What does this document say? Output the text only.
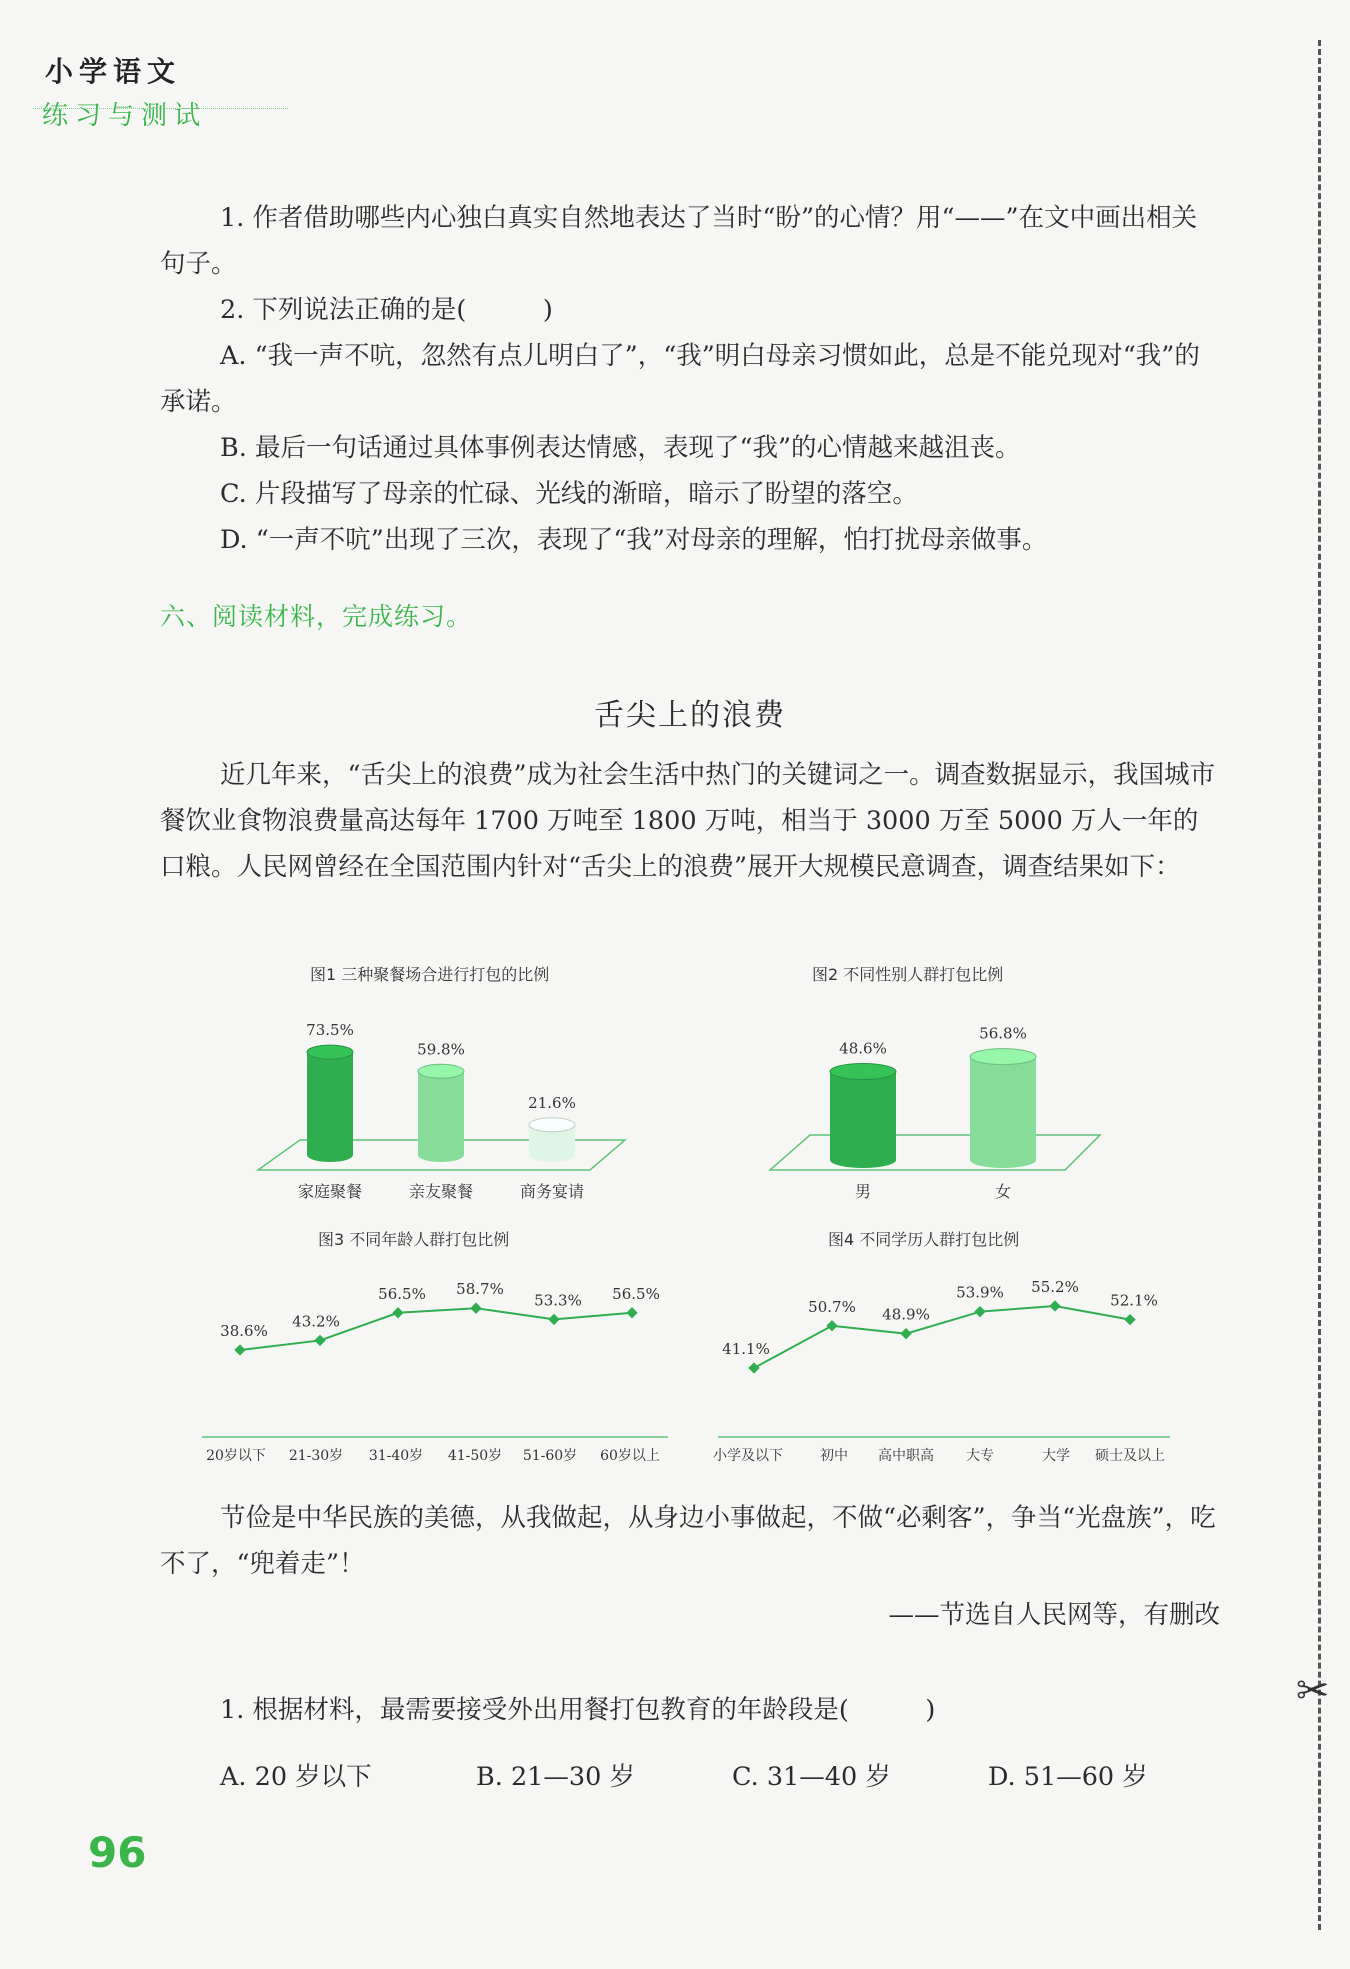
小学语文
练习与测试
✂
1. 作者借助哪些内心独白真实自然地表达了当时“盼”的心情？用“——”在文中画出相关句子。
2. 下列说法正确的是(　　　)
A. “我一声不吭，忽然有点儿明白了”，“我”明白母亲习惯如此，总是不能兑现对“我”的承诺。
B. 最后一句话通过具体事例表达情感，表现了“我”的心情越来越沮丧。
C. 片段描写了母亲的忙碌、光线的渐暗，暗示了盼望的落空。
D. “一声不吭”出现了三次，表现了“我”对母亲的理解，怕打扰母亲做事。
六、阅读材料，完成练习。
舌尖上的浪费
近几年来，“舌尖上的浪费”成为社会生活中热门的关键词之一。调查数据显示，我国城市餐饮业食物浪费量高达每年 1700 万吨至 1800 万吨，相当于 3000 万至 5000 万人一年的口粮。人民网曾经在全国范围内针对“舌尖上的浪费”展开大规模民意调查，调查结果如下：
图1 三种聚餐场合进行打包的比例
73.5%
59.8%
21.6%
家庭聚餐	亲友聚餐	商务宴请
图2 不同性别人群打包比例
48.6%
56.8%
男	女
图3 不同年龄人群打包比例
38.6%
20岁以下
43.2%
21-30岁
56.5%
31-40岁
58.7%
41-50岁
53.3%
51-60岁
56.5%
60岁以上
图4 不同学历人群打包比例
41.1%
小学及以下
50.7%
初中
48.9%
高中职高
53.9%
大专
55.2%
大学
52.1%
硕士及以上
节俭是中华民族的美德，从我做起，从身边小事做起，不做“必剩客”，争当“光盘族”，吃不了，“兜着走”！
——节选自人民网等，有删改
1. 根据材料，最需要接受外出用餐打包教育的年龄段是(　　　)
A. 20 岁以下	B. 21—30 岁	C. 31—40 岁	D. 51—60 岁
96
